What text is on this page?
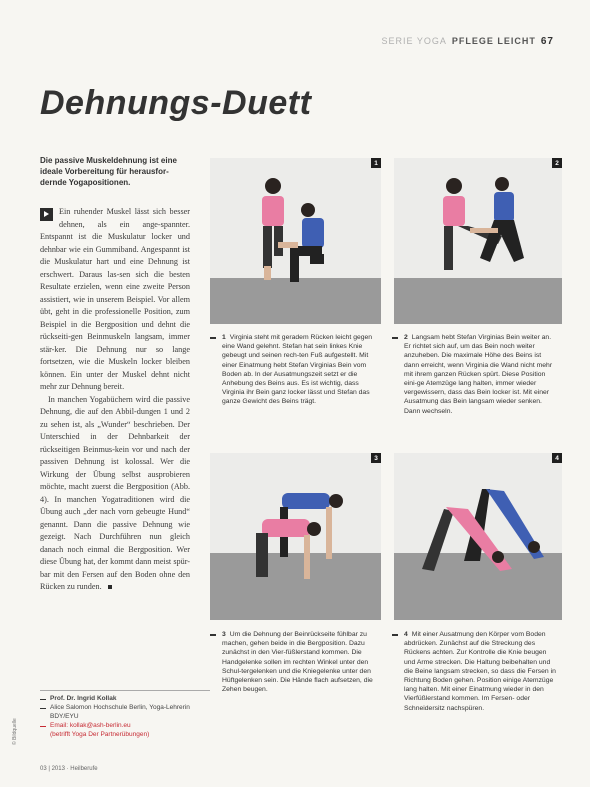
SERIE YOGA PFLEGE LEICHT 67
Dehnungs-Duett
Die passive Muskeldehnung ist eine ideale Vorbereitung für herausfor-dernde Yogapositionen.

Ein ruhender Muskel lässt sich besser dehnen, als ein ange-spannter. Entspannt ist die Muskulatur locker und dehnbar wie ein Gummiband. Angespannt ist die Muskulatur hart und eine Dehnung ist erschwert. Daraus las-sen sich die besten Resultate erzielen, wenn eine zweite Person assistiert, wie in unserem Beispiel. Vor allem übt, geht in die professionelle Position, zum Beispiel in die Bergposition und dehnt die rückseiti-gen Beinmuskeln langsam, immer stär-ker. Die Dehnung nur so lange fortsetzen, wie die Muskeln locker bleiben können. Ein unter der Muskel dehnt nicht mehr zur Dehnung bereit.

In manchen Yogabüchern wird die passive Dehnung, die auf den Abbil-dungen 1 und 2 zu sehen ist, als „Wunder“ beschrieben. Der Unterschied in der Dehnbarkeit der rückseitigen Beinmus-kein vor und nach der passiven Dehnung ist kolossal. Wer die Wirkung der Übung selbst ausprobieren möchte, macht zuerst die Bergposition (Abb. 4). In manchen Yogatraditionen wird die Übung auch „der nach vorn gebeugte Hund“ genannt. Dann die passive Dehnung wie gezeigt. Nach Durchführen nun gleich danach noch einmal die Bergposition. Wer diese Übung hat, der kommt dann meist spür-bar mit den Fersen auf den Boden ohne den Rücken zu runden.

1	2
1 Virginia steht mit geradem Rücken leicht gegen eine Wand gelehnt. Stefan hat sein linkes Knie gebeugt und seinen rech-ten Fuß aufgestellt. Mit einer Einatmung hebt Stefan Virginias Bein vom Boden ab. In der Ausatmungszeit setzt er die Anhebung des Beins aus. Es ist wichtig, dass Virginia ihr Bein ganz locker lässt und Stefan das ganze Gewicht des Beins trägt.
2 Langsam hebt Stefan Virginias Bein weiter an. Er richtet sich auf, um das Bein noch weiter anzuheben. Die maximale Höhe des Beins ist dann erreicht, wenn Virginia die Wand nicht mehr mit ihrem ganzen Rücken spürt. Diese Position eini-ge Atemzüge lang halten, immer wieder vergewissern, dass das Bein locker ist. Mit einer Ausatmung das Bein langsam wieder senken. Dann wechseln.
3	4
3 Um die Dehnung der Beinrückseite fühlbar zu machen, gehen beide in die Bergposition. Dazu zunächst in den Vier-füßlerstand kommen. Die Handgelenke sollen im rechten Winkel unter den Schul-tergelenken und die Kniegelenke unter den Hüftgelenken sein. Die Hände flach aufsetzen, die Zehen beugen.
4 Mit einer Ausatmung den Körper vom Boden abdrücken. Zunächst auf die Streckung des Rückens achten. Zur Kontrolle die Knie beugen und Arme strecken. Die Haltung beibehalten und die Beine langsam strecken, so dass die Fersen in Richtung Boden gehen. Position einige Atemzüge lang halten. Mit einer Einatmung wieder in den Vierfüßlerstand kommen. Im Fersen- oder Schneidersitz nachspüren.
Prof. Dr. Ingrid Kollak
Alice Salomon Hochschule Berlin, Yoga-Lehrerin BDY/EYU
Email: kollak@ash-berlin.eu
(betrifft Yoga Der Partnerübungen)
© Bildquelle
03 | 2013 · Heilberufe
